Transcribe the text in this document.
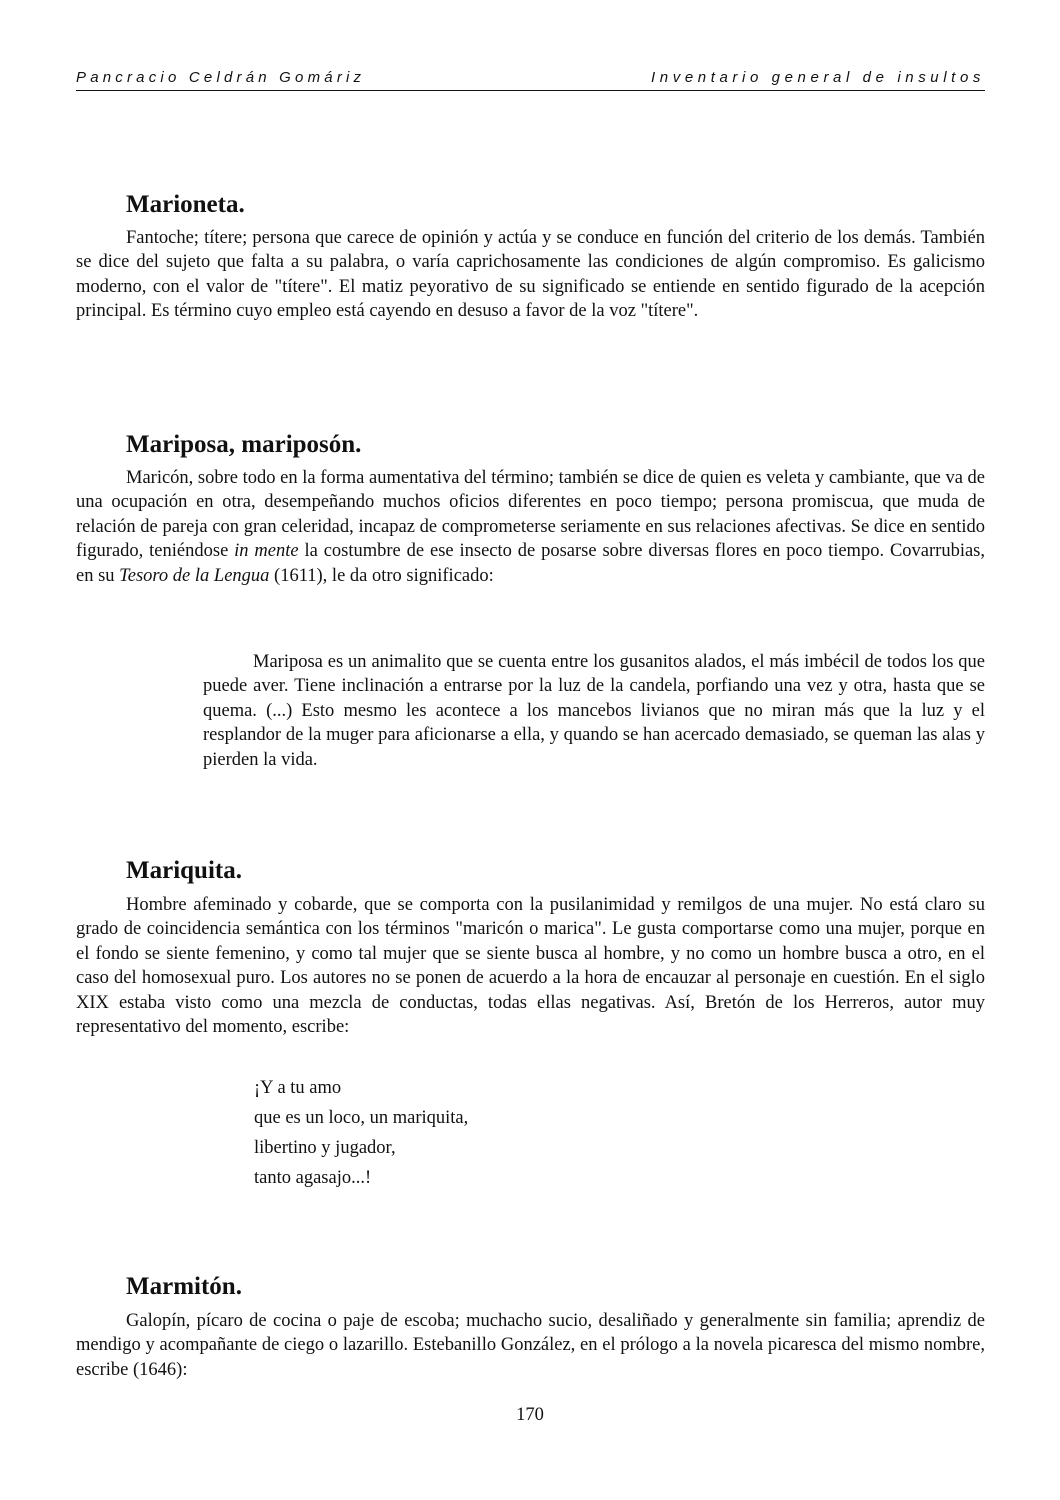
Pancracio Celdrán Gomáriz	Inventario general de insultos
Marioneta.

Fantoche; títere; persona que carece de opinión y actúa y se conduce en función del criterio de los demás. También se dice del sujeto que falta a su palabra, o varía caprichosamente las condiciones de algún compromiso. Es galicismo moderno, con el valor de "títere". El matiz peyorativo de su significado se entiende en sentido figurado de la acepción principal. Es término cuyo empleo está cayendo en desuso a favor de la voz "títere".

Mariposa, mariposón.

Maricón, sobre todo en la forma aumentativa del término; también se dice de quien es veleta y cambiante, que va de una ocupación en otra, desempeñando muchos oficios diferentes en poco tiempo; persona promiscua, que muda de relación de pareja con gran celeridad, incapaz de comprometerse seriamente en sus relaciones afectivas. Se dice en sentido figurado, teniéndose in mente la costumbre de ese insecto de posarse sobre diversas flores en poco tiempo. Covarrubias, en su Tesoro de la Lengua (1611), le da otro significado:

Mariposa es un animalito que se cuenta entre los gusanitos alados, el más imbécil de todos los que puede aver. Tiene inclinación a entrarse por la luz de la candela, porfiando una vez y otra, hasta que se quema. (...) Esto mesmo les acontece a los mancebos livianos que no miran más que la luz y el resplandor de la muger para aficionarse a ella, y quando se han acercado demasiado, se queman las alas y pierden la vida.

Mariquita.

Hombre afeminado y cobarde, que se comporta con la pusilanimidad y remilgos de una mujer. No está claro su grado de coincidencia semántica con los términos "maricón o marica". Le gusta comportarse como una mujer, porque en el fondo se siente femenino, y como tal mujer que se siente busca al hombre, y no como un hombre busca a otro, en el caso del homosexual puro. Los autores no se ponen de acuerdo a la hora de encauzar al personaje en cuestión. En el siglo XIX estaba visto como una mezcla de conductas, todas ellas negativas. Así, Bretón de los Herreros, autor muy representativo del momento, escribe:

¡Y a tu amo
que es un loco, un mariquita,
libertino y jugador,
tanto agasajo...!
Marmitón.

Galopín, pícaro de cocina o paje de escoba; muchacho sucio, desaliñado y generalmente sin familia; aprendiz de mendigo y acompañante de ciego o lazarillo. Estebanillo González, en el prólogo a la novela picaresca del mismo nombre, escribe (1646):

170
